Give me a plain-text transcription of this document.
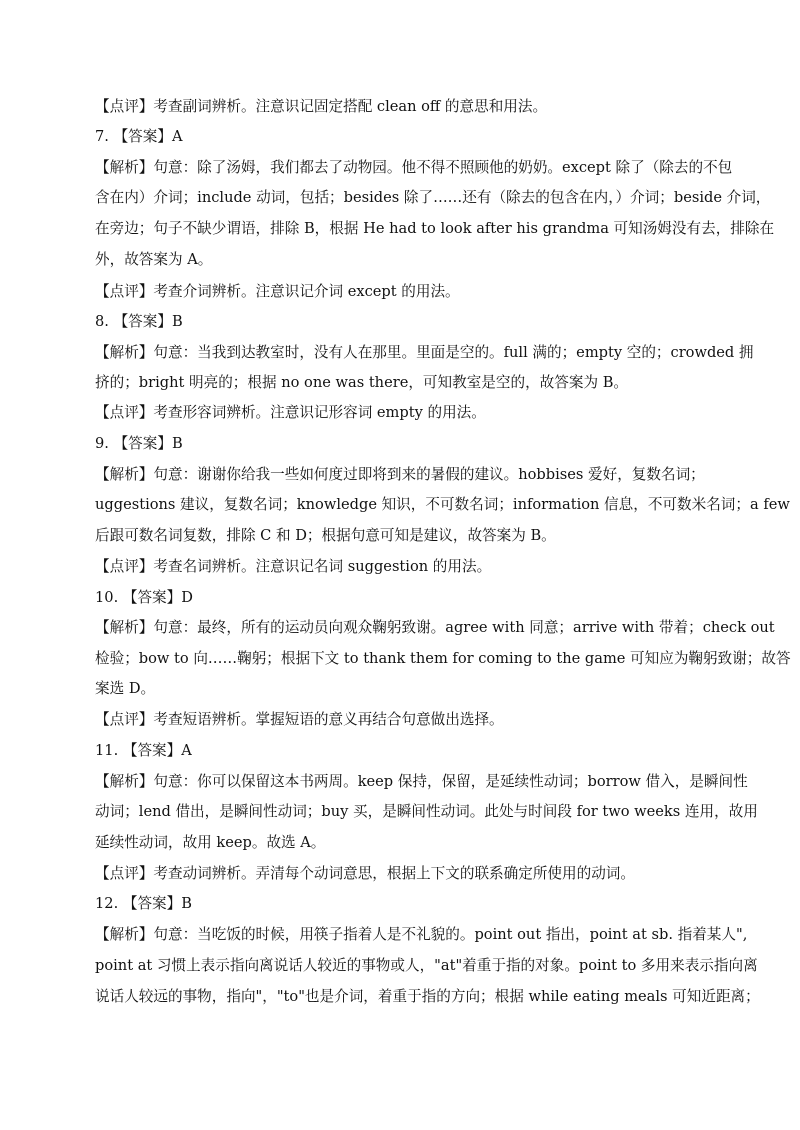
【点评】考查副词辨析。注意识记固定搭配 clean off 的意思和用法。
7. 【答案】A
【解析】句意：除了汤姆，我们都去了动物园。他不得不照顾他的奶奶。except 除了（除去的不包
含在内）介词；include 动词，包括；besides 除了……还有（除去的包含在内，）介词；beside 介词，
在旁边；句子不缺少谓语，排除 B，根据 He had to look after his grandma 可知汤姆没有去，排除在
外，故答案为 A。
【点评】考查介词辨析。注意识记介词 except 的用法。
8. 【答案】B
【解析】句意：当我到达教室时，没有人在那里。里面是空的。full 满的；empty 空的；crowded 拥
挤的；bright 明亮的；根据 no one was there，可知教室是空的，故答案为 B。
【点评】考查形容词辨析。注意识记形容词 empty 的用法。
9. 【答案】B
【解析】句意：谢谢你给我一些如何度过即将到来的暑假的建议。hobbises 爱好，复数名词；
uggestions 建议，复数名词；knowledge 知识，不可数名词；information 信息，不可数米名词；a few
后跟可数名词复数，排除 C 和 D；根据句意可知是建议，故答案为 B。
【点评】考查名词辨析。注意识记名词 suggestion 的用法。
10. 【答案】D
【解析】句意：最终，所有的运动员向观众鞠躬致谢。agree with 同意；arrive with 带着；check out
检验；bow to 向……鞠躬；根据下文 to thank them for coming to the game 可知应为鞠躬致谢；故答
案选 D。
【点评】考查短语辨析。掌握短语的意义再结合句意做出选择。
11. 【答案】A
【解析】句意：你可以保留这本书两周。keep 保持，保留，是延续性动词；borrow 借入，是瞬间性
动词；lend 借出，是瞬间性动词；buy 买，是瞬间性动词。此处与时间段 for two weeks 连用，故用
延续性动词，故用 keep。故选 A。
【点评】考查动词辨析。弄清每个动词意思，根据上下文的联系确定所使用的动词。
12. 【答案】B
【解析】句意：当吃饭的时候，用筷子指着人是不礼貌的。point out 指出，point at sb. 指着某人",
point at 习惯上表示指向离说话人较近的事物或人，"at"着重于指的对象。point to 多用来表示指向离
说话人较远的事物，指向"，"to"也是介词，着重于指的方向；根据 while eating meals 可知近距离；
